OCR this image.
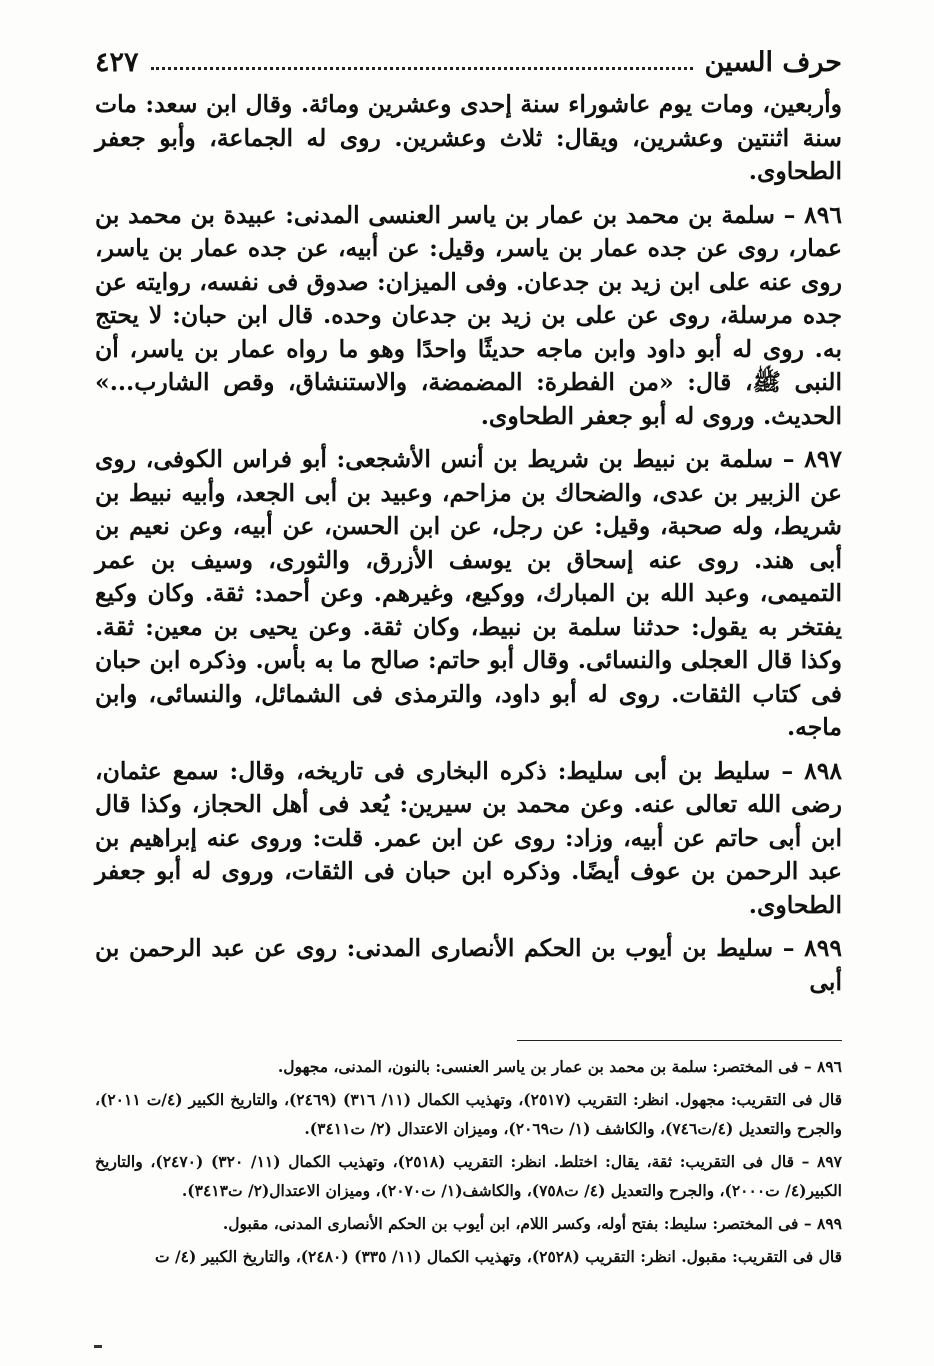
حرف السين
٤٢٧

وأربعين، ومات يوم عاشوراء سنة إحدى وعشرين ومائة. وقال ابن سعد: مات سنة اثنتين وعشرين، ويقال: ثلاث وعشرين. روى له الجماعة، وأبو جعفر الطحاوى.

٨٩٦ – سلمة بن محمد بن عمار بن ياسر العنسى المدنى: عبيدة بن محمد بن عمار، روى عن جده عمار بن ياسر، وقيل: عن أبيه، عن جده عمار بن ياسر، روى عنه على ابن زيد بن جدعان. وفى الميزان: صدوق فى نفسه، روايته عن جده مرسلة، روى عن على بن زيد بن جدعان وحده. قال ابن حبان: لا يحتج به. روى له أبو داود وابن ماجه حديثًا واحدًا وهو ما رواه عمار بن ياسر، أن النبى ﷺ، قال: «من الفطرة: المضمضة، والاستنشاق، وقص الشارب...» الحديث. وروى له أبو جعفر الطحاوى.

٨٩٧ – سلمة بن نبيط بن شريط بن أنس الأشجعى: أبو فراس الكوفى، روى عن الزبير بن عدى، والضحاك بن مزاحم، وعبيد بن أبى الجعد، وأبيه نبيط بن شريط، وله صحبة، وقيل: عن رجل، عن ابن الحسن، عن أبيه، وعن نعيم بن أبى هند. روى عنه إسحاق بن يوسف الأزرق، والثورى، وسيف بن عمر التميمى، وعبد الله بن المبارك، ووكيع، وغيرهم. وعن أحمد: ثقة. وكان وكيع يفتخر به يقول: حدثنا سلمة بن نبيط، وكان ثقة. وعن يحيى بن معين: ثقة. وكذا قال العجلى والنسائى. وقال أبو حاتم: صالح ما به بأس. وذكره ابن حبان فى كتاب الثقات. روى له أبو داود، والترمذى فى الشمائل، والنسائى، وابن ماجه.

٨٩٨ – سليط بن أبى سليط: ذكره البخارى فى تاريخه، وقال: سمع عثمان، رضى الله تعالى عنه. وعن محمد بن سيرين: يُعد فى أهل الحجاز، وكذا قال ابن أبى حاتم عن أبيه، وزاد: روى عن ابن عمر. قلت: وروى عنه إبراهيم بن عبد الرحمن بن عوف أيضًا. وذكره ابن حبان فى الثقات، وروى له أبو جعفر الطحاوى.

٨٩٩ – سليط بن أيوب بن الحكم الأنصارى المدنى: روى عن عبد الرحمن بن أبى

٨٩٦ – فى المختصر: سلمة بن محمد بن عمار بن ياسر العنسى: بالنون، المدنى، مجهول.

قال فى التقريب: مجهول. انظر: التقريب (٢٥١٧)، وتهذيب الكمال (١١/ ٣١٦) (٢٤٦٩)، والتاريخ الكبير (٤/ت ٢٠١١)، والجرح والتعديل (٤/ت٧٤٦)، والكاشف (١/ ت٢٠٦٩)، وميزان الاعتدال (٢/ ت٣٤١١).

٨٩٧ – قال فى التقريب: ثقة، يقال: اختلط. انظر: التقريب (٢٥١٨)، وتهذيب الكمال (١١/ ٣٢٠) (٢٤٧٠)، والتاريخ الكبير(٤/ ت٢٠٠٠)، والجرح والتعديل (٤/ ت٧٥٨)، والكاشف(١/ ت٢٠٧٠)، وميزان الاعتدال(٢/ ت٣٤١٣).

٨٩٩ – فى المختصر: سليط: بفتح أوله، وكسر اللام، ابن أيوب بن الحكم الأنصارى المدنى، مقبول.

قال فى التقريب: مقبول. انظر: التقريب (٢٥٢٨)، وتهذيب الكمال (١١/ ٣٣٥) (٢٤٨٠)، والتاريخ الكبير (٤/ ت
